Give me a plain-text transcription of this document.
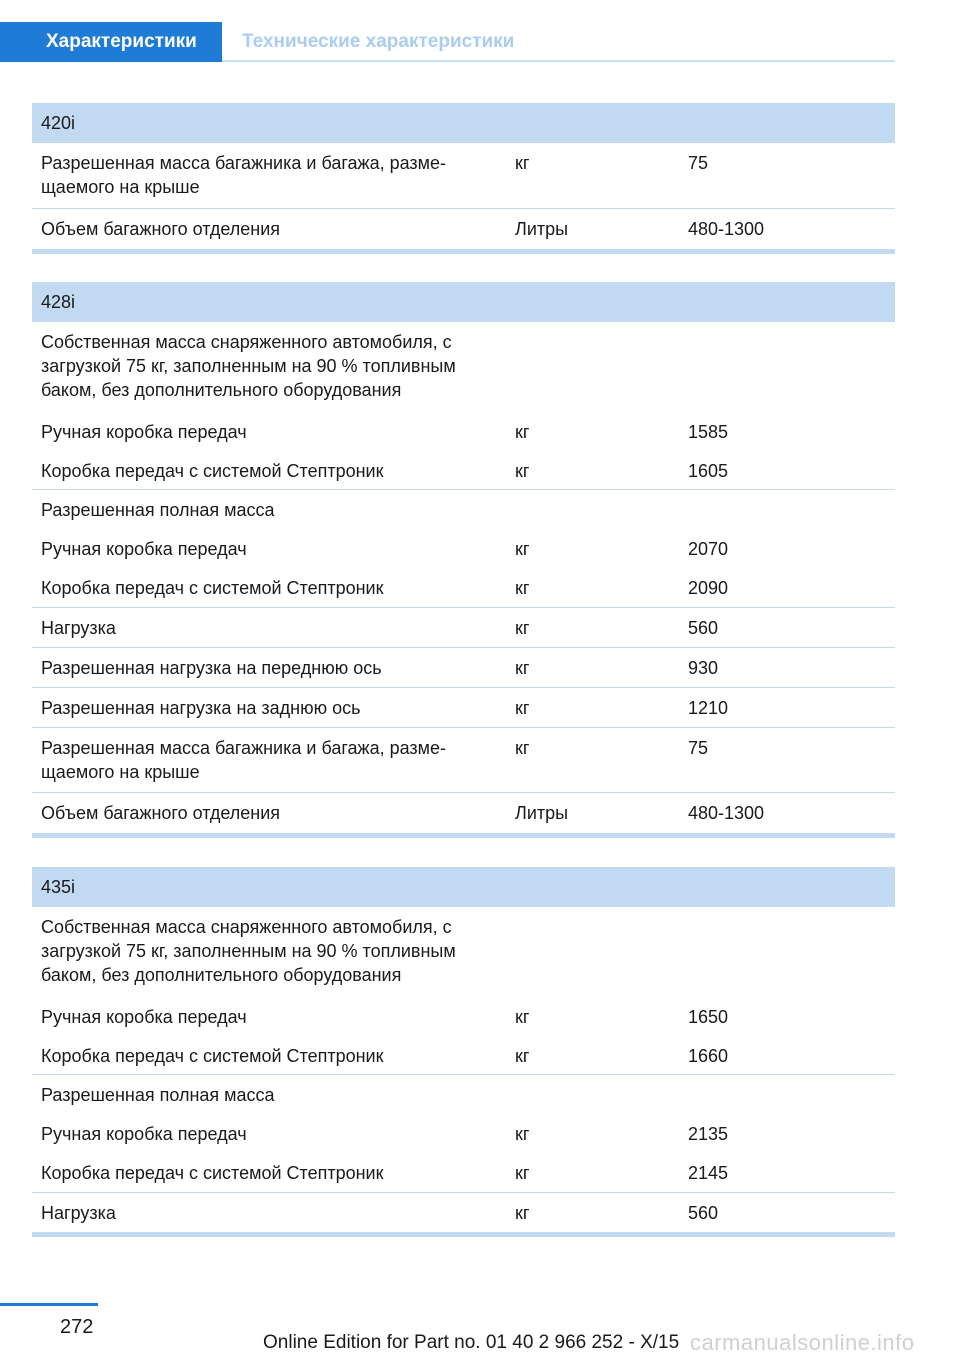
Характеристики	Технические характеристики
420i
Разрешенная масса багажника и багажа, разме‐
щаемого на крыше
кг	75
Объем багажного отделения	Литры	480-1300
428i
Собственная масса снаряженного автомобиля, с
загрузкой 75 кг, заполненным на 90 % топливным
баком, без дополнительного оборудования
Ручная коробка передач	кг	1585
Коробка передач с системой Стептроник	кг	1605
Разрешенная полная масса
Ручная коробка передач	кг	2070
Коробка передач с системой Стептроник	кг	2090
Нагрузка	кг	560
Разрешенная нагрузка на переднюю ось	кг	930
Разрешенная нагрузка на заднюю ось	кг	1210
Разрешенная масса багажника и багажа, разме‐
щаемого на крыше
кг	75
Объем багажного отделения	Литры	480-1300
435i
Собственная масса снаряженного автомобиля, с
загрузкой 75 кг, заполненным на 90 % топливным
баком, без дополнительного оборудования
Ручная коробка передач	кг	1650
Коробка передач с системой Стептроник	кг	1660
Разрешенная полная масса
Ручная коробка передач	кг	2135
Коробка передач с системой Стептроник	кг	2145
Нагрузка	кг	560
272
Online Edition for Part no. 01 40 2 966 252 - X/15 carmanualsonline.info
